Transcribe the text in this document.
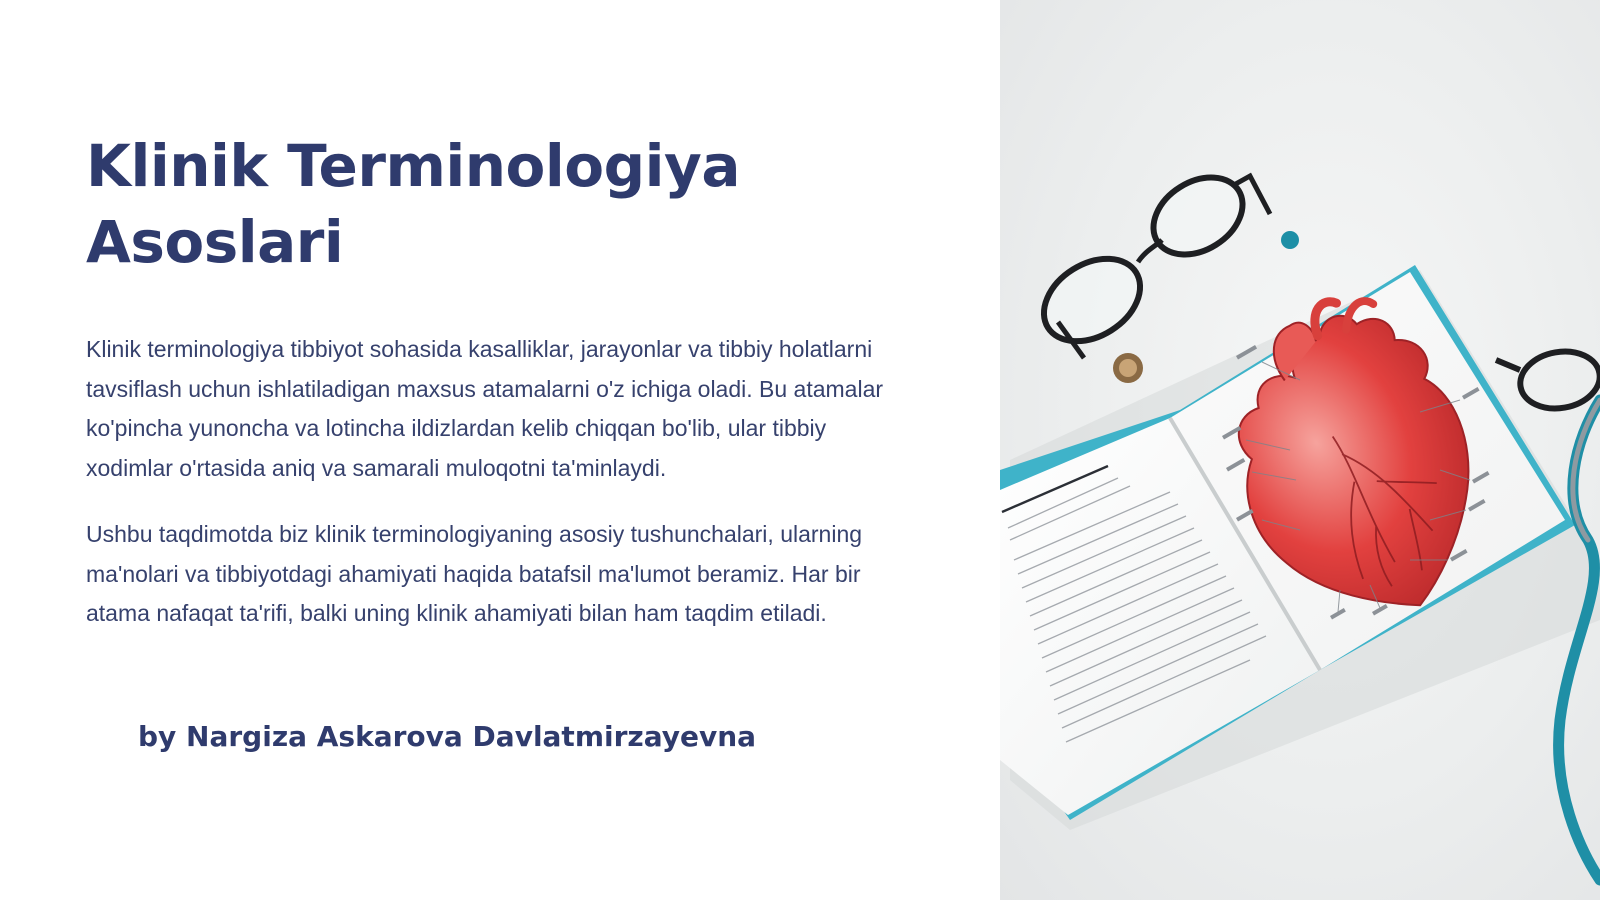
Klinik Terminologiya
Asoslari

Klinik terminologiya tibbiyot sohasida kasalliklar, jarayonlar va tibbiy holatlarni tavsiflash uchun ishlatiladigan maxsus atamalarni o'z ichiga oladi. Bu atamalar ko'pincha yunoncha va lotincha ildizlardan kelib chiqqan bo'lib, ular tibbiy xodimlar o'rtasida aniq va samarali muloqotni ta'minlaydi.

Ushbu taqdimotda biz klinik terminologiyaning asosiy tushunchalari, ularning ma'nolari va tibbiyotdagi ahamiyati haqida batafsil ma'lumot beramiz. Har bir atama nafaqat ta'rifi, balki uning klinik ahamiyati bilan ham taqdim etiladi.

by Nargiza Askarova Davlatmirzayevna
